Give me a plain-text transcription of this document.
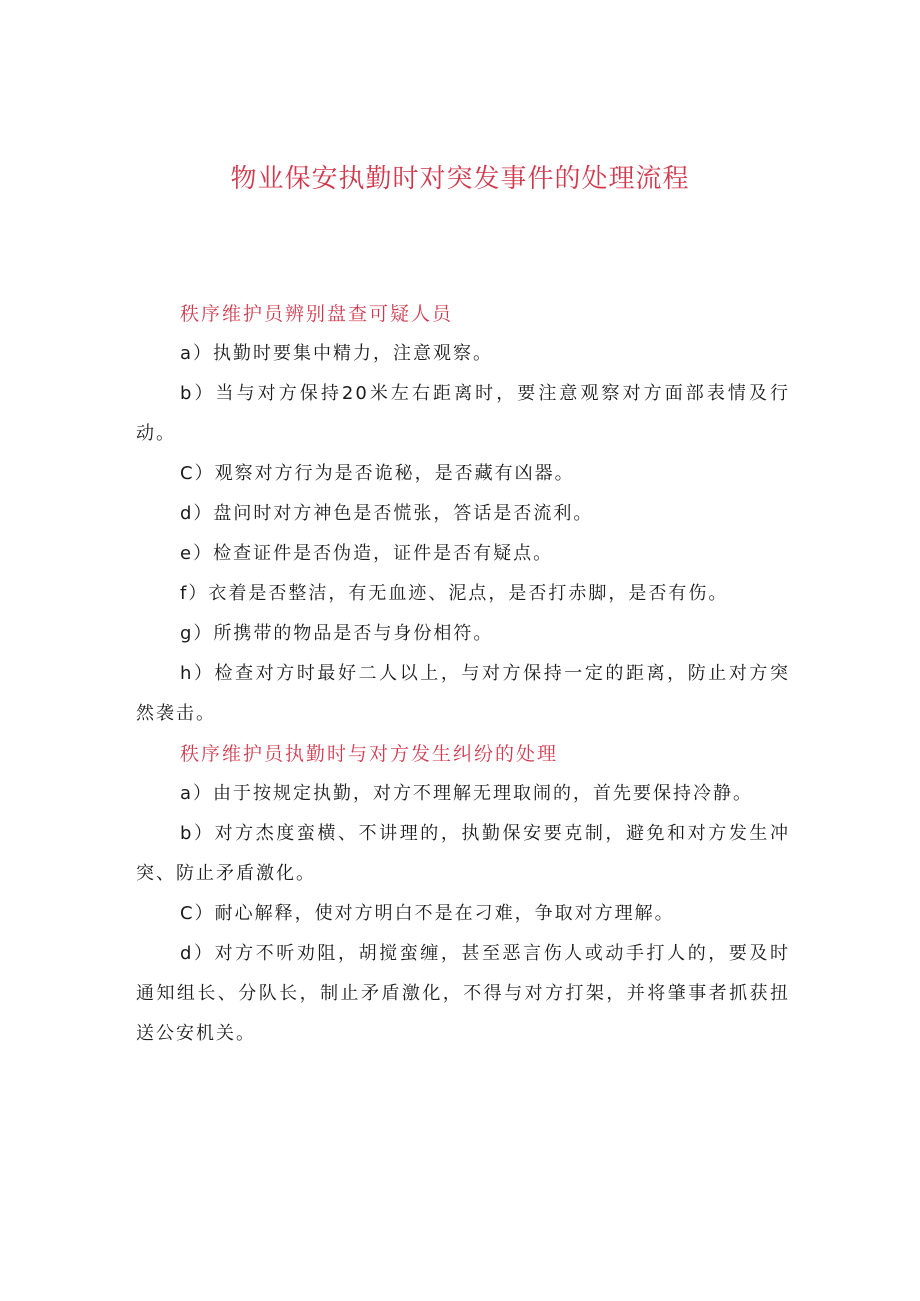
物业保安执勤时对突发事件的处理流程

秩序维护员辨别盘查可疑人员

a）执勤时要集中精力，注意观察。

b）当与对方保持20米左右距离时，要注意观察对方面部表情及行动。

C）观察对方行为是否诡秘，是否藏有凶器。

d）盘问时对方神色是否慌张，答话是否流利。

e）检查证件是否伪造，证件是否有疑点。

f）衣着是否整洁，有无血迹、泥点，是否打赤脚，是否有伤。

g）所携带的物品是否与身份相符。

h）检查对方时最好二人以上，与对方保持一定的距离，防止对方突然袭击。

秩序维护员执勤时与对方发生纠纷的处理

a）由于按规定执勤，对方不理解无理取闹的，首先要保持冷静。

b）对方杰度蛮横、不讲理的，执勤保安要克制，避免和对方发生冲突、防止矛盾激化。

C）耐心解释，使对方明白不是在刁难，争取对方理解。

d）对方不听劝阻，胡搅蛮缠，甚至恶言伤人或动手打人的，要及时通知组长、分队长，制止矛盾激化，不得与对方打架，并将肇事者抓获扭送公安机关。
